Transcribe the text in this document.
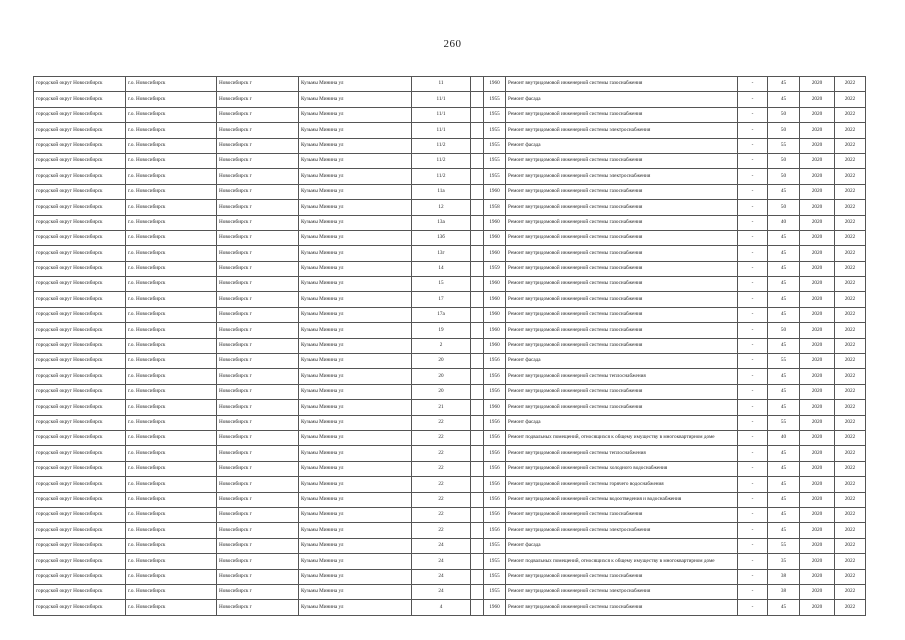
260
городской округ Новосибирск	г.о. Новосибирск	Новосибирск г	Кузьмы Минина ул	11		1960	Ремонт внутридомовой инженерной системы газоснабжения	-	45	2020	2022
городской округ Новосибирск	г.о. Новосибирск	Новосибирск г	Кузьмы Минина ул	11/1		1955	Ремонт фасада	-	45	2020	2022
городской округ Новосибирск	г.о. Новосибирск	Новосибирск г	Кузьмы Минина ул	11/1		1955	Ремонт внутридомовой инженерной системы газоснабжения	-	50	2020	2022
городской округ Новосибирск	г.о. Новосибирск	Новосибирск г	Кузьмы Минина ул	11/1		1955	Ремонт внутридомовой инженерной системы электроснабжения	-	50	2020	2022
городской округ Новосибирск	г.о. Новосибирск	Новосибирск г	Кузьмы Минина ул	11/2		1955	Ремонт фасада	-	55	2020	2022
городской округ Новосибирск	г.о. Новосибирск	Новосибирск г	Кузьмы Минина ул	11/2		1955	Ремонт внутридомовой инженерной системы газоснабжения	-	50	2020	2022
городской округ Новосибирск	г.о. Новосибирск	Новосибирск г	Кузьмы Минина ул	11/2		1955	Ремонт внутридомовой инженерной системы электроснабжения	-	50	2020	2022
городской округ Новосибирск	г.о. Новосибирск	Новосибирск г	Кузьмы Минина ул	11а		1960	Ремонт внутридомовой инженерной системы газоснабжения	-	45	2020	2022
городской округ Новосибирск	г.о. Новосибирск	Новосибирск г	Кузьмы Минина ул	12		1958	Ремонт внутридомовой инженерной системы газоснабжения	-	50	2020	2022
городской округ Новосибирск	г.о. Новосибирск	Новосибирск г	Кузьмы Минина ул	13а		1960	Ремонт внутридомовой инженерной системы газоснабжения	-	40	2020	2022
городской округ Новосибирск	г.о. Новосибирск	Новосибирск г	Кузьмы Минина ул	13б		1960	Ремонт внутридомовой инженерной системы газоснабжения	-	45	2020	2022
городской округ Новосибирск	г.о. Новосибирск	Новосибирск г	Кузьмы Минина ул	13г		1960	Ремонт внутридомовой инженерной системы газоснабжения	-	45	2020	2022
городской округ Новосибирск	г.о. Новосибирск	Новосибирск г	Кузьмы Минина ул	14		1959	Ремонт внутридомовой инженерной системы газоснабжения	-	45	2020	2022
городской округ Новосибирск	г.о. Новосибирск	Новосибирск г	Кузьмы Минина ул	15		1960	Ремонт внутридомовой инженерной системы газоснабжения	-	45	2020	2022
городской округ Новосибирск	г.о. Новосибирск	Новосибирск г	Кузьмы Минина ул	17		1960	Ремонт внутридомовой инженерной системы газоснабжения	-	45	2020	2022
городской округ Новосибирск	г.о. Новосибирск	Новосибирск г	Кузьмы Минина ул	17а		1960	Ремонт внутридомовой инженерной системы газоснабжения	-	45	2020	2022
городской округ Новосибирск	г.о. Новосибирск	Новосибирск г	Кузьмы Минина ул	19		1960	Ремонт внутридомовой инженерной системы газоснабжения	-	50	2020	2022
городской округ Новосибирск	г.о. Новосибирск	Новосибирск г	Кузьмы Минина ул	2		1960	Ремонт внутридомовой инженерной системы газоснабжения	-	45	2020	2022
городской округ Новосибирск	г.о. Новосибирск	Новосибирск г	Кузьмы Минина ул	20		1956	Ремонт фасада	-	55	2020	2022
городской округ Новосибирск	г.о. Новосибирск	Новосибирск г	Кузьмы Минина ул	20		1956	Ремонт внутридомовой инженерной системы теплоснабжения	-	45	2020	2022
городской округ Новосибирск	г.о. Новосибирск	Новосибирск г	Кузьмы Минина ул	20		1956	Ремонт внутридомовой инженерной системы газоснабжения	-	45	2020	2022
городской округ Новосибирск	г.о. Новосибирск	Новосибирск г	Кузьмы Минина ул	21		1960	Ремонт внутридомовой инженерной системы газоснабжения	-	45	2020	2022
городской округ Новосибирск	г.о. Новосибирск	Новосибирск г	Кузьмы Минина ул	22		1956	Ремонт фасада	-	55	2020	2022
городской округ Новосибирск	г.о. Новосибирск	Новосибирск г	Кузьмы Минина ул	22		1956	Ремонт подвальных помещений, относящихся к общему имуществу в многоквартирном доме	-	40	2020	2022
городской округ Новосибирск	г.о. Новосибирск	Новосибирск г	Кузьмы Минина ул	22		1956	Ремонт внутридомовой инженерной системы теплоснабжения	-	45	2020	2022
городской округ Новосибирск	г.о. Новосибирск	Новосибирск г	Кузьмы Минина ул	22		1956	Ремонт внутридомовой инженерной системы холодного водоснабжения	-	45	2020	2022
городской округ Новосибирск	г.о. Новосибирск	Новосибирск г	Кузьмы Минина ул	22		1956	Ремонт внутридомовой инженерной системы горячего водоснабжения	-	45	2020	2022
городской округ Новосибирск	г.о. Новосибирск	Новосибирск г	Кузьмы Минина ул	22		1956	Ремонт внутридомовой инженерной системы водоотведения и водоснабжения	-	45	2020	2022
городской округ Новосибирск	г.о. Новосибирск	Новосибирск г	Кузьмы Минина ул	22		1956	Ремонт внутридомовой инженерной системы газоснабжения	-	45	2020	2022
городской округ Новосибирск	г.о. Новосибирск	Новосибирск г	Кузьмы Минина ул	22		1956	Ремонт внутридомовой инженерной системы электроснабжения	-	45	2020	2022
городской округ Новосибирск	г.о. Новосибирск	Новосибирск г	Кузьмы Минина ул	24		1955	Ремонт фасада	-	55	2020	2022
городской округ Новосибирск	г.о. Новосибирск	Новосибирск г	Кузьмы Минина ул	24		1955	Ремонт подвальных помещений, относящихся к общему имуществу в многоквартирном доме	-	35	2020	2022
городской округ Новосибирск	г.о. Новосибирск	Новосибирск г	Кузьмы Минина ул	24		1955	Ремонт внутридомовой инженерной системы газоснабжения	-	38	2020	2022
городской округ Новосибирск	г.о. Новосибирск	Новосибирск г	Кузьмы Минина ул	24		1955	Ремонт внутридомовой инженерной системы электроснабжения	-	38	2020	2022
городской округ Новосибирск	г.о. Новосибирск	Новосибирск г	Кузьмы Минина ул	4		1960	Ремонт внутридомовой инженерной системы газоснабжения	-	45	2020	2022
